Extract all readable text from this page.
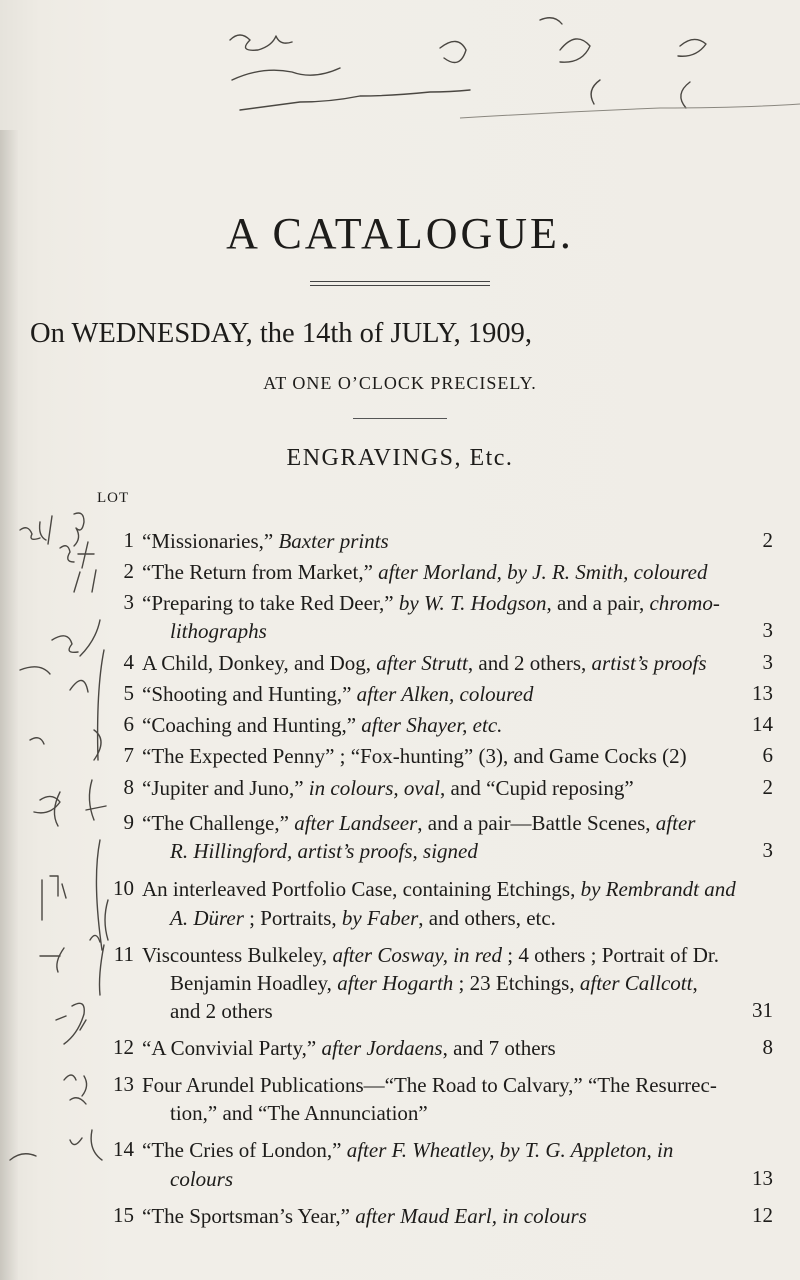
A CATALOGUE.
On WEDNESDAY, the 14th of JULY, 1909,
AT ONE O’CLOCK PRECISELY.
ENGRAVINGS, Etc.
LOT
1 “Missionaries,” Baxter prints	2
2 “The Return from Market,” after Morland, by J. R. Smith, coloured
3 “Preparing to take Red Deer,” by W. T. Hodgson, and a pair, chromo-
lithographs	3
4 A Child, Donkey, and Dog, after Strutt, and 2 others, artist’s proofs	3
5 “Shooting and Hunting,” after Alken, coloured	13
6 “Coaching and Hunting,” after Shayer, etc.	14
7 “The Expected Penny” ; “Fox-hunting” (3), and Game Cocks (2)	6
8 “Jupiter and Juno,” in colours, oval, and “Cupid reposing”	2
9 “The Challenge,” after Landseer, and a pair—Battle Scenes, after
R. Hillingford, artist’s proofs, signed	3
10 An interleaved Portfolio Case, containing Etchings, by Rembrandt and
A. Dürer ; Portraits, by Faber, and others, etc.
11 Viscountess Bulkeley, after Cosway, in red ; 4 others ; Portrait of Dr.
Benjamin Hoadley, after Hogarth ; 23 Etchings, after Callcott,
and 2 others	31
12 “A Convivial Party,” after Jordaens, and 7 others	8
13 Four Arundel Publications—“The Road to Calvary,” “The Resurrec-
tion,” and “The Annunciation”
14 “The Cries of London,” after F. Wheatley, by T. G. Appleton, in
colours	13
15 “The Sportsman’s Year,” after Maud Earl, in colours	12
